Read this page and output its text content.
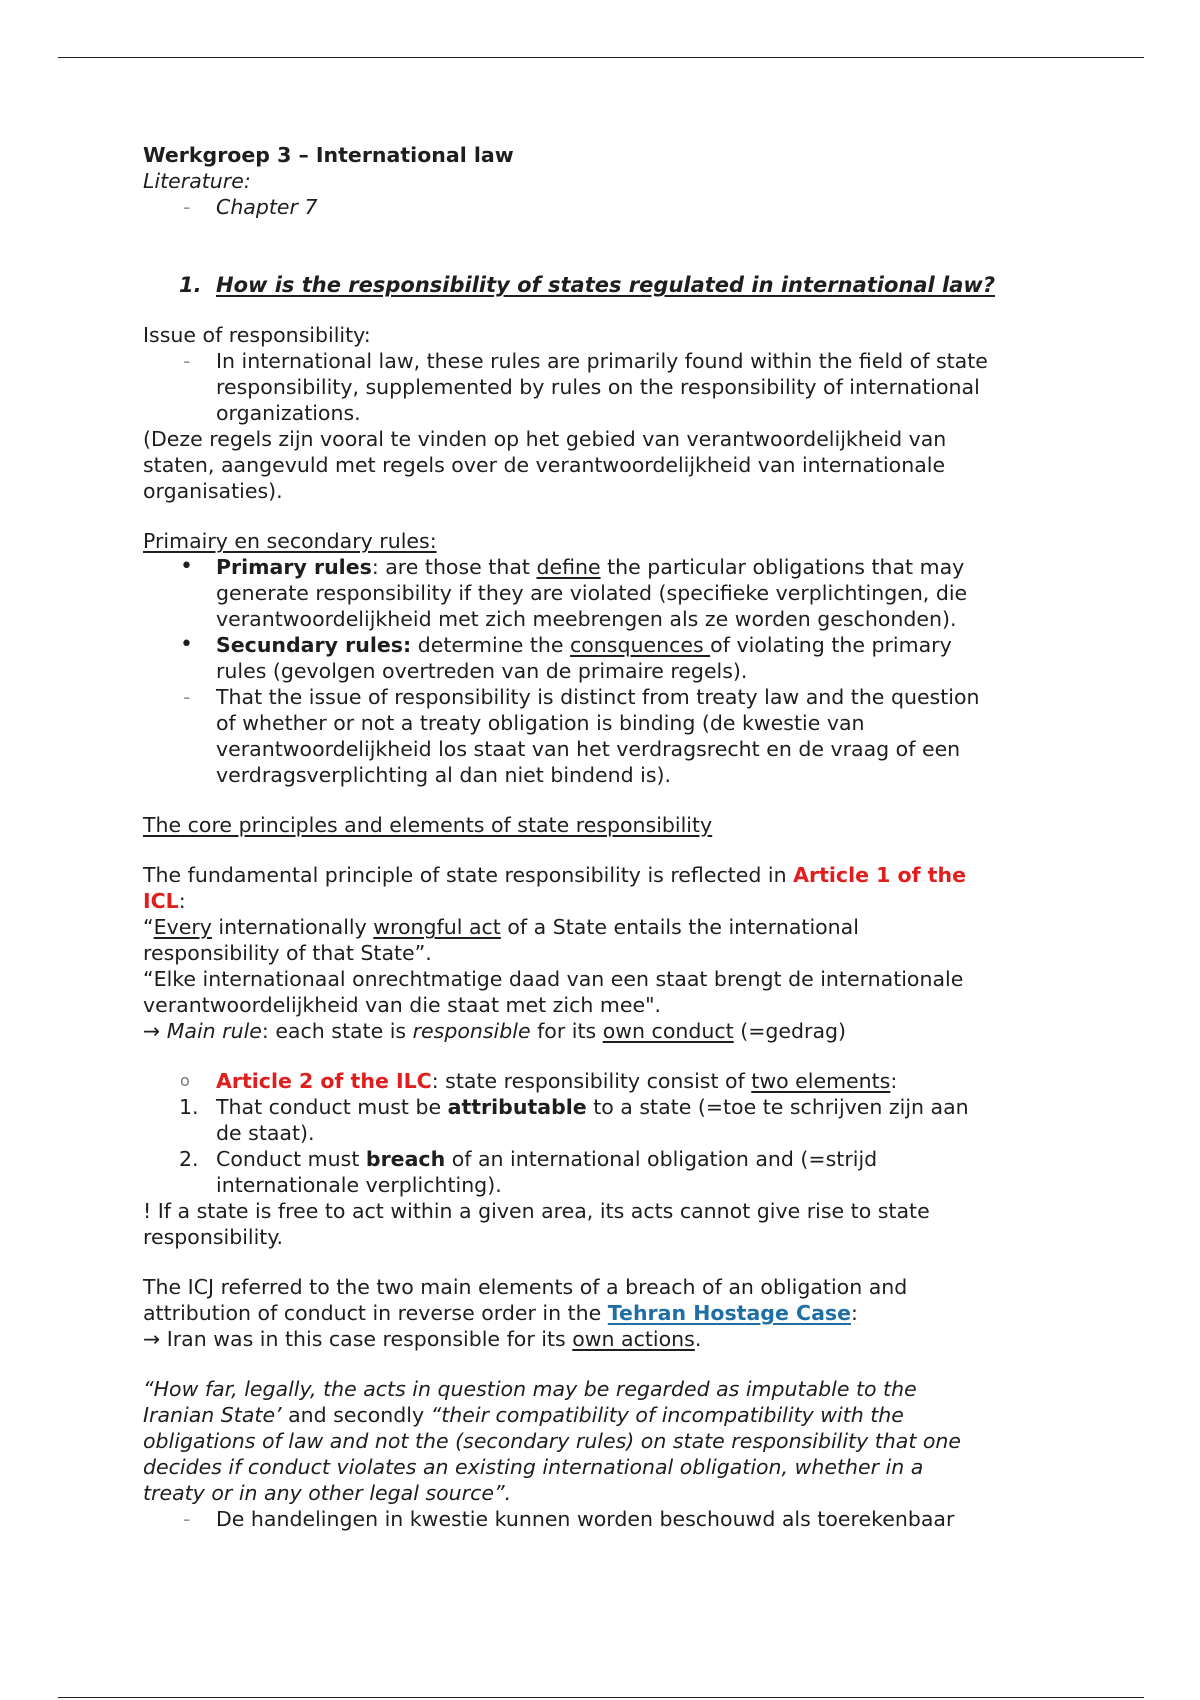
Werkgroep 3 – International law
Literature:
-	Chapter 7
1. How is the responsibility of states regulated in international law?
Issue of responsibility:
-	In international law, these rules are primarily found within the field of state
responsibility, supplemented by rules on the responsibility of international
organizations.
(Deze regels zijn vooral te vinden op het gebied van verantwoordelijkheid van
staten, aangevuld met regels over de verantwoordelijkheid van internationale
organisaties).
Primairy en secondary rules:
•	Primary rules: are those that define the particular obligations that may
generate responsibility if they are violated (specifieke verplichtingen, die
verantwoordelijkheid met zich meebrengen als ze worden geschonden).
•	Secundary rules: determine the consquences of violating the primary
rules (gevolgen overtreden van de primaire regels).
-	That the issue of responsibility is distinct from treaty law and the question
of whether or not a treaty obligation is binding (de kwestie van
verantwoordelijkheid los staat van het verdragsrecht en de vraag of een
verdragsverplichting al dan niet bindend is).
The core principles and elements of state responsibility
The fundamental principle of state responsibility is reflected in Article 1 of the
ICL:
“Every internationally wrongful act of a State entails the international
responsibility of that State”.
“Elke internationaal onrechtmatige daad van een staat brengt de internationale
verantwoordelijkheid van die staat met zich mee".
→ Main rule: each state is responsible for its own conduct (=gedrag)
o	Article 2 of the ILC: state responsibility consist of two elements:
1. That conduct must be attributable to a state (=toe te schrijven zijn aan
de staat).
2. Conduct must breach of an international obligation and (=strijd
internationale verplichting).
! If a state is free to act within a given area, its acts cannot give rise to state
responsibility.
The ICJ referred to the two main elements of a breach of an obligation and
attribution of conduct in reverse order in the Tehran Hostage Case:
→ Iran was in this case responsible for its own actions.
“How far, legally, the acts in question may be regarded as imputable to the
Iranian State’ and secondly “their compatibility of incompatibility with the
obligations of law and not the (secondary rules) on state responsibility that one
decides if conduct violates an existing international obligation, whether in a
treaty or in any other legal source”.
-	De handelingen in kwestie kunnen worden beschouwd als toerekenbaar
